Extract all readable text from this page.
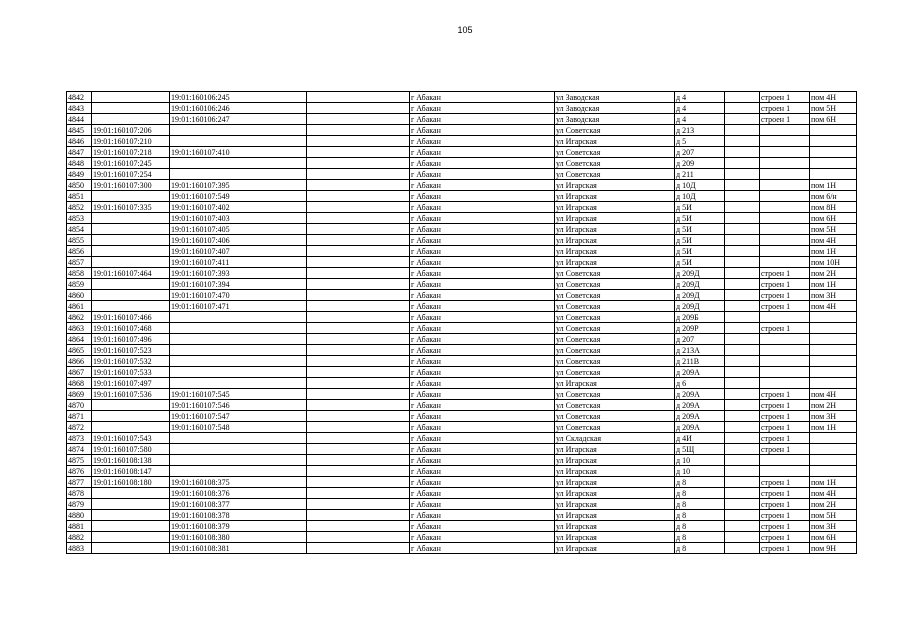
105
4842		19:01:160106:245		г Абакан	ул Заводская	д 4		строен 1	пом 4Н
4843		19:01:160106:246		г Абакан	ул Заводская	д 4		строен 1	пом 5Н
4844		19:01:160106:247		г Абакан	ул Заводская	д 4		строен 1	пом 6Н
4845	19:01:160107:206			г Абакан	ул Советская	д 213			
4846	19:01:160107:210			г Абакан	ул Игарская	д 5			
4847	19:01:160107:218	19:01:160107:410		г Абакан	ул Советская	д 207			
4848	19:01:160107:245			г Абакан	ул Советская	д 209			
4849	19:01:160107:254			г Абакан	ул Советская	д 211			
4850	19:01:160107:300	19:01:160107:395		г Абакан	ул Игарская	д 10Д			пом 1Н
4851		19:01:160107:549		г Абакан	ул Игарская	д 10Д			пом 6/н
4852	19:01:160107:335	19:01:160107:402		г Абакан	ул Игарская	д 5И			пом 8Н
4853		19:01:160107:403		г Абакан	ул Игарская	д 5И			пом 6Н
4854		19:01:160107:405		г Абакан	ул Игарская	д 5И			пом 5Н
4855		19:01:160107:406		г Абакан	ул Игарская	д 5И			пом 4Н
4856		19:01:160107:407		г Абакан	ул Игарская	д 5И			пом 1Н
4857		19:01:160107:411		г Абакан	ул Игарская	д 5И			пом 10Н
4858	19:01:160107:464	19:01:160107:393		г Абакан	ул Советская	д 209Д		строен 1	пом 2Н
4859		19:01:160107:394		г Абакан	ул Советская	д 209Д		строен 1	пом 1Н
4860		19:01:160107:470		г Абакан	ул Советская	д 209Д		строен 1	пом 3Н
4861		19:01:160107:471		г Абакан	ул Советская	д 209Д		строен 1	пом 4Н
4862	19:01:160107:466			г Абакан	ул Советская	д 209Б			
4863	19:01:160107:468			г Абакан	ул Советская	д 209Р		строен 1	
4864	19:01:160107:496			г Абакан	ул Советская	д 207			
4865	19:01:160107:523			г Абакан	ул Советская	д 213А			
4866	19:01:160107:532			г Абакан	ул Советская	д 211В			
4867	19:01:160107:533			г Абакан	ул Советская	д 209А			
4868	19:01:160107:497			г Абакан	ул Игарская	д 6			
4869	19:01:160107:536	19:01:160107:545		г Абакан	ул Советская	д 209А		строен 1	пом 4Н
4870		19:01:160107:546		г Абакан	ул Советская	д 209А		строен 1	пом 2Н
4871		19:01:160107:547		г Абакан	ул Советская	д 209А		строен 1	пом 3Н
4872		19:01:160107:548		г Абакан	ул Советская	д 209А		строен 1	пом 1Н
4873	19:01:160107:543			г Абакан	ул Складская	д 4И		строен 1	
4874	19:01:160107:580			г Абакан	ул Игарская	д 5Щ		строен 1	
4875	19:01:160108:138			г Абакан	ул Игарская	д 10			
4876	19:01:160108:147			г Абакан	ул Игарская	д 10			
4877	19:01:160108:180	19:01:160108:375		г Абакан	ул Игарская	д 8		строен 1	пом 1Н
4878		19:01:160108:376		г Абакан	ул Игарская	д 8		строен 1	пом 4Н
4879		19:01:160108:377		г Абакан	ул Игарская	д 8		строен 1	пом 2Н
4880		19:01:160108:378		г Абакан	ул Игарская	д 8		строен 1	пом 5Н
4881		19:01:160108:379		г Абакан	ул Игарская	д 8		строен 1	пом 3Н
4882		19:01:160108:380		г Абакан	ул Игарская	д 8		строен 1	пом 6Н
4883		19:01:160108:381		г Абакан	ул Игарская	д 8		строен 1	пом 9Н
